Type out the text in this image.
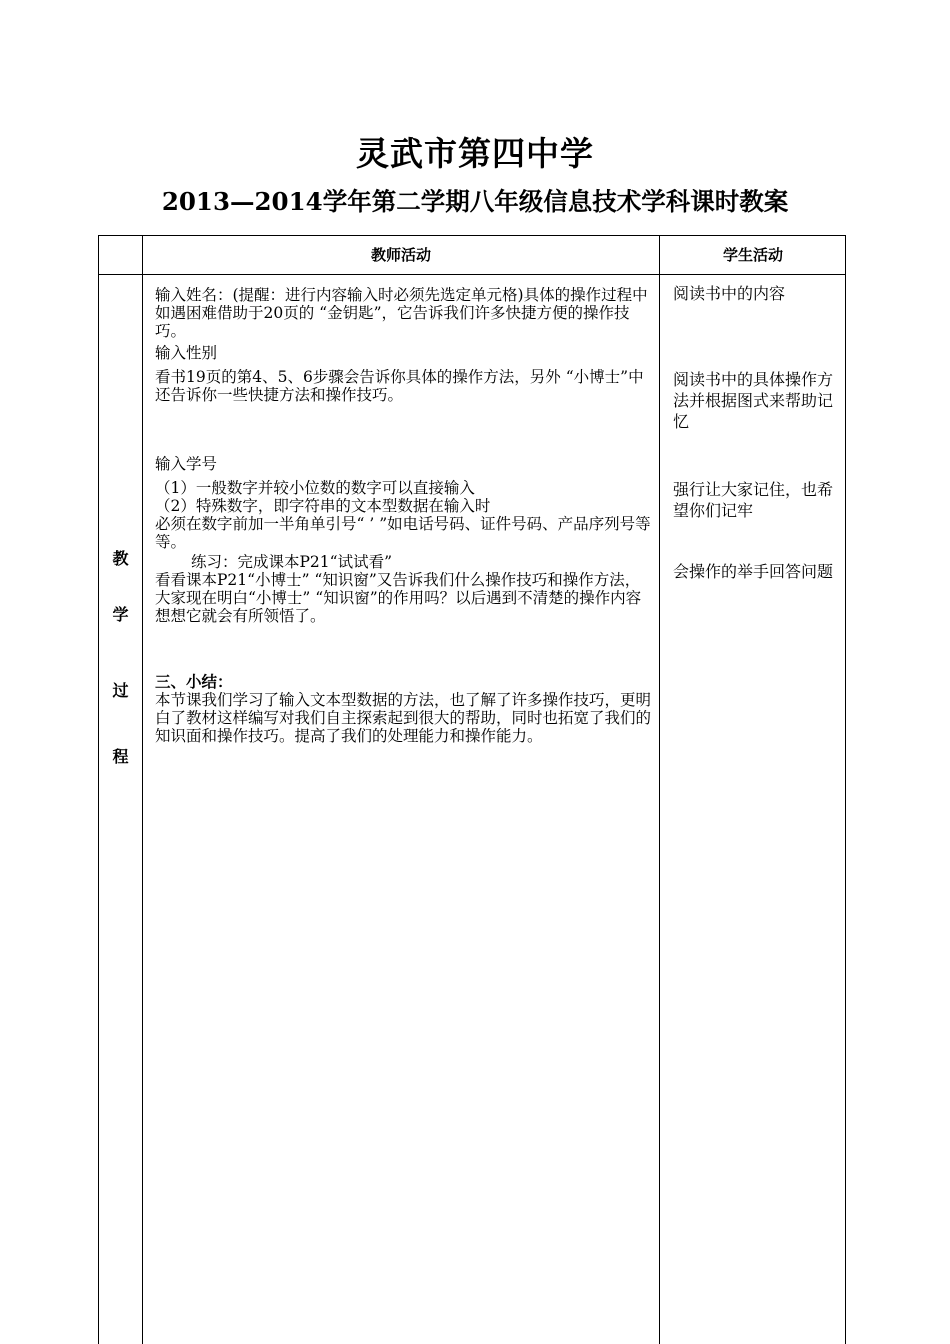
灵武市第四中学
2013—2014学年第二学期八年级信息技术学科课时教案
教师活动	学生活动
教
学
过
程

输入姓名：(提醒：进行内容输入时必须先选定单元格)具体的操作过程中如遇困难借助于20页的 “金钥匙”，它告诉我们许多快捷方便的操作技巧。

输入性别

看书19页的第4、5、6步骤会告诉你具体的操作方法，另外 “小博士”中还告诉你一些快捷方法和操作技巧。

输入学号

（1）一般数字并较小位数的数字可以直接输入

（2）特殊数字，即字符串的文本型数据在输入时

必须在数字前加一半角单引号“ ’ ”如电话号码、证件号码、产品序列号等等。

练习：完成课本P21“试试看”

看看课本P21“小博士” “知识窗”又告诉我们什么操作技巧和操作方法，大家现在明白“小博士” “知识窗”的作用吗？以后遇到不清楚的操作内容想想它就会有所领悟了。

三、小结：

本节课我们学习了输入文本型数据的方法，也了解了许多操作技巧，更明白了教材这样编写对我们自主探索起到很大的帮助，同时也拓宽了我们的知识面和操作技巧。提高了我们的处理能力和操作能力。

阅读书中的内容

阅读书中的具体操作方法并根据图式来帮助记忆

强行让大家记住，也希望你们记牢

会操作的举手回答问题
